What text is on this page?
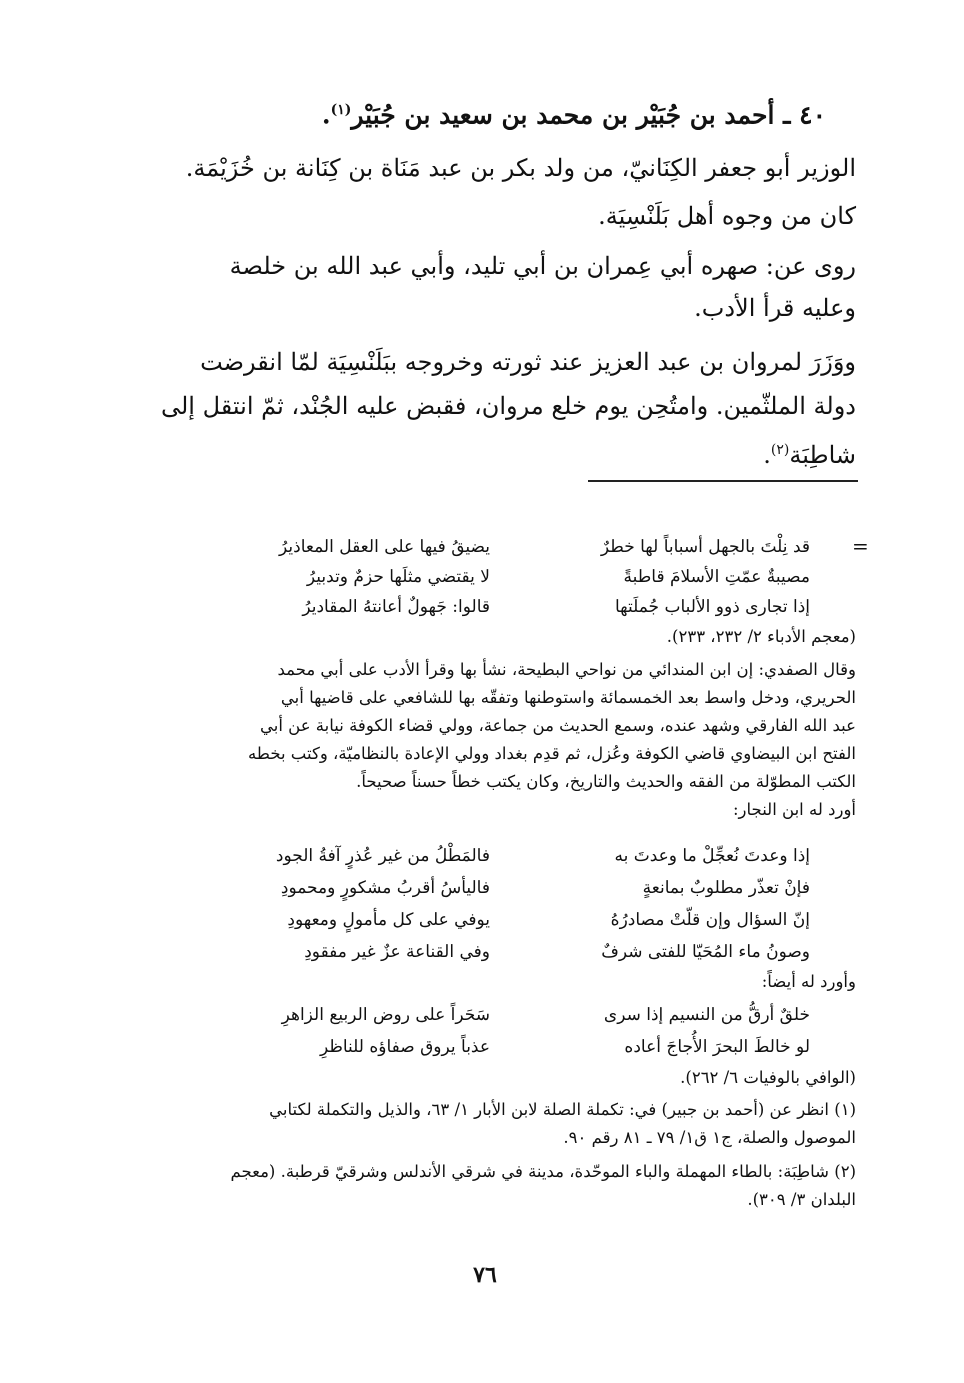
٤٠ ـ أحمد بن جُبَيْر بن محمد بن سعيد بن جُبَيْر$^{(١)}$.
الوزير أبو جعفر الكِنَانيّ، من ولد بكر بن عبد مَنَاة بن كِنَانة بن خُزَيْمَة.
كان من وجوه أهل بَلَنْسِيَة.
روى عن: صهره أبي عِمران بن أبي تليد، وأبي عبد الله بن خلصة
وعليه قرأ الأدب.
ووَزَرَ لمروان بن عبد العزيز عند ثورته وخروجه ببَلَنْسِيَة لمّا انقرضت
دولة الملثّمين. وامتُحِن يوم خلع مروان، فقبض عليه الجُنْد، ثمّ انتقل إلى
شاطِبَة$^{(٢)}$.
=
قد نِلْتَ بالجهل أسباباً لها خطرٌ
يضيقُ فيها على العقل المعاذيرُ
مصيبةٌ عمّتِ الأسلامَ قاطبةً
لا يقتضي مثلَها حزمٌ وتدبيرُ
إذا تجارى ذوو الألباب جُملَتها
قالوا: جَهولٌ أعانتهُ المقاديرُ
(معجم الأدباء ٢/ ٢٣٢، ٢٣٣).
وقال الصفدي: إن ابن المندائي من نواحي البطيحة، نشأ بها وقرأ الأدب على أبي محمد
الحريري، ودخل واسط بعد الخمسمائة واستوطنها وتفقّه بها للشافعي على قاضيها أبي
عبد الله الفارقي وشهد عنده، وسمع الحديث من جماعة، وولي قضاء الكوفة نيابة عن أبي
الفتح ابن البيضاوي قاضي الكوفة وعُزل، ثم قدِم بغداد وولي الإعادة بالنظاميّة، وكتب بخطه
الكتب المطوّلة من الفقه والحديث والتاريخ، وكان يكتب خطاً حسناً صحيحاً.
أورد له ابن النجار:
إذا وعدتَ نُعجِّلْ ما وعدتَ به
فالمَطْلُ من غير عُذرٍ آفةُ الجود
فإنْ تعذّر مطلوبٌ بمانعةٍ
فاليأسُ أقربُ مشكورٍ ومحمودِ
إنّ السؤال وإن قلّتْ مصادرُهُ
يوفي على كل مأمولٍ ومعهودِ
وصونُ ماء المُحَيّا للفتى شرفٌ
وفي القناعة عزٌ غير مفقودِ
وأورد له أيضاً:
خلقٌ أرقُّ من النسيم إذا سرى
سَحَراً على روض الربيع الزاهرِ
لو خالطَ البحرَ الأُجاجَ أعاده
عذباً يروق صفاؤه للناظرِ
(الوافي بالوفيات ٦/ ٢٦٢).
(١) انظر عن (أحمد بن جبير) في: تكملة الصلة لابن الأبار ١/ ٦٣، والذيل والتكملة لكتابي
الموصول والصلة، ج١ ق١/ ٧٩ ـ ٨١ رقم ٩٠.
(٢) شاطِبَة: بالطاء المهملة والباء الموحّدة، مدينة في شرقي الأندلس وشرقيّ قرطبة. (معجم
البلدان ٣/ ٣٠٩).
٧٦
